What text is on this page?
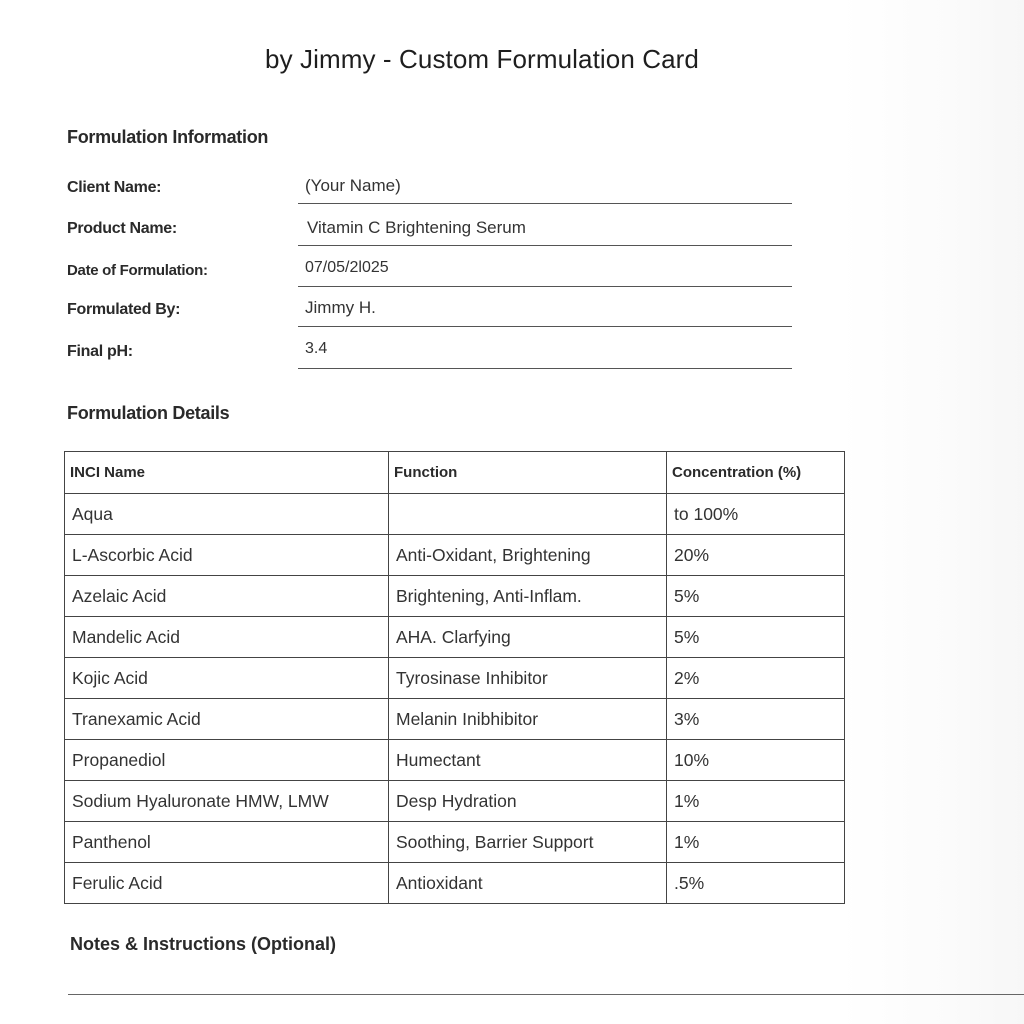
by Jimmy - Custom Formulation Card
Formulation Information
Client Name:	(Your Name)
Product Name:	Vitamin C Brightening Serum
Date of Formulation:	07/05/2l025
Formulated By:	Jimmy H.
Final pH:	3.4
Formulation Details
INCI Name	Function	Concentration (%)
Aqua		to 100%
L-Ascorbic Acid	Anti-Oxidant, Brightening	20%
Azelaic Acid	Brightening, Anti-Inflam.	5%
Mandelic Acid	AHA. Clarfying	5%
Kojic Acid	Tyrosinase Inhibitor	2%
Tranexamic Acid	Melanin Inibhibitor	3%
Propanediol	Humectant	10%
Sodium Hyaluronate HMW, LMW	Desp Hydration	1%
Panthenol	Soothing, Barrier Support	1%
Ferulic Acid	Antioxidant	.5%
Notes & Instructions (Optional)
